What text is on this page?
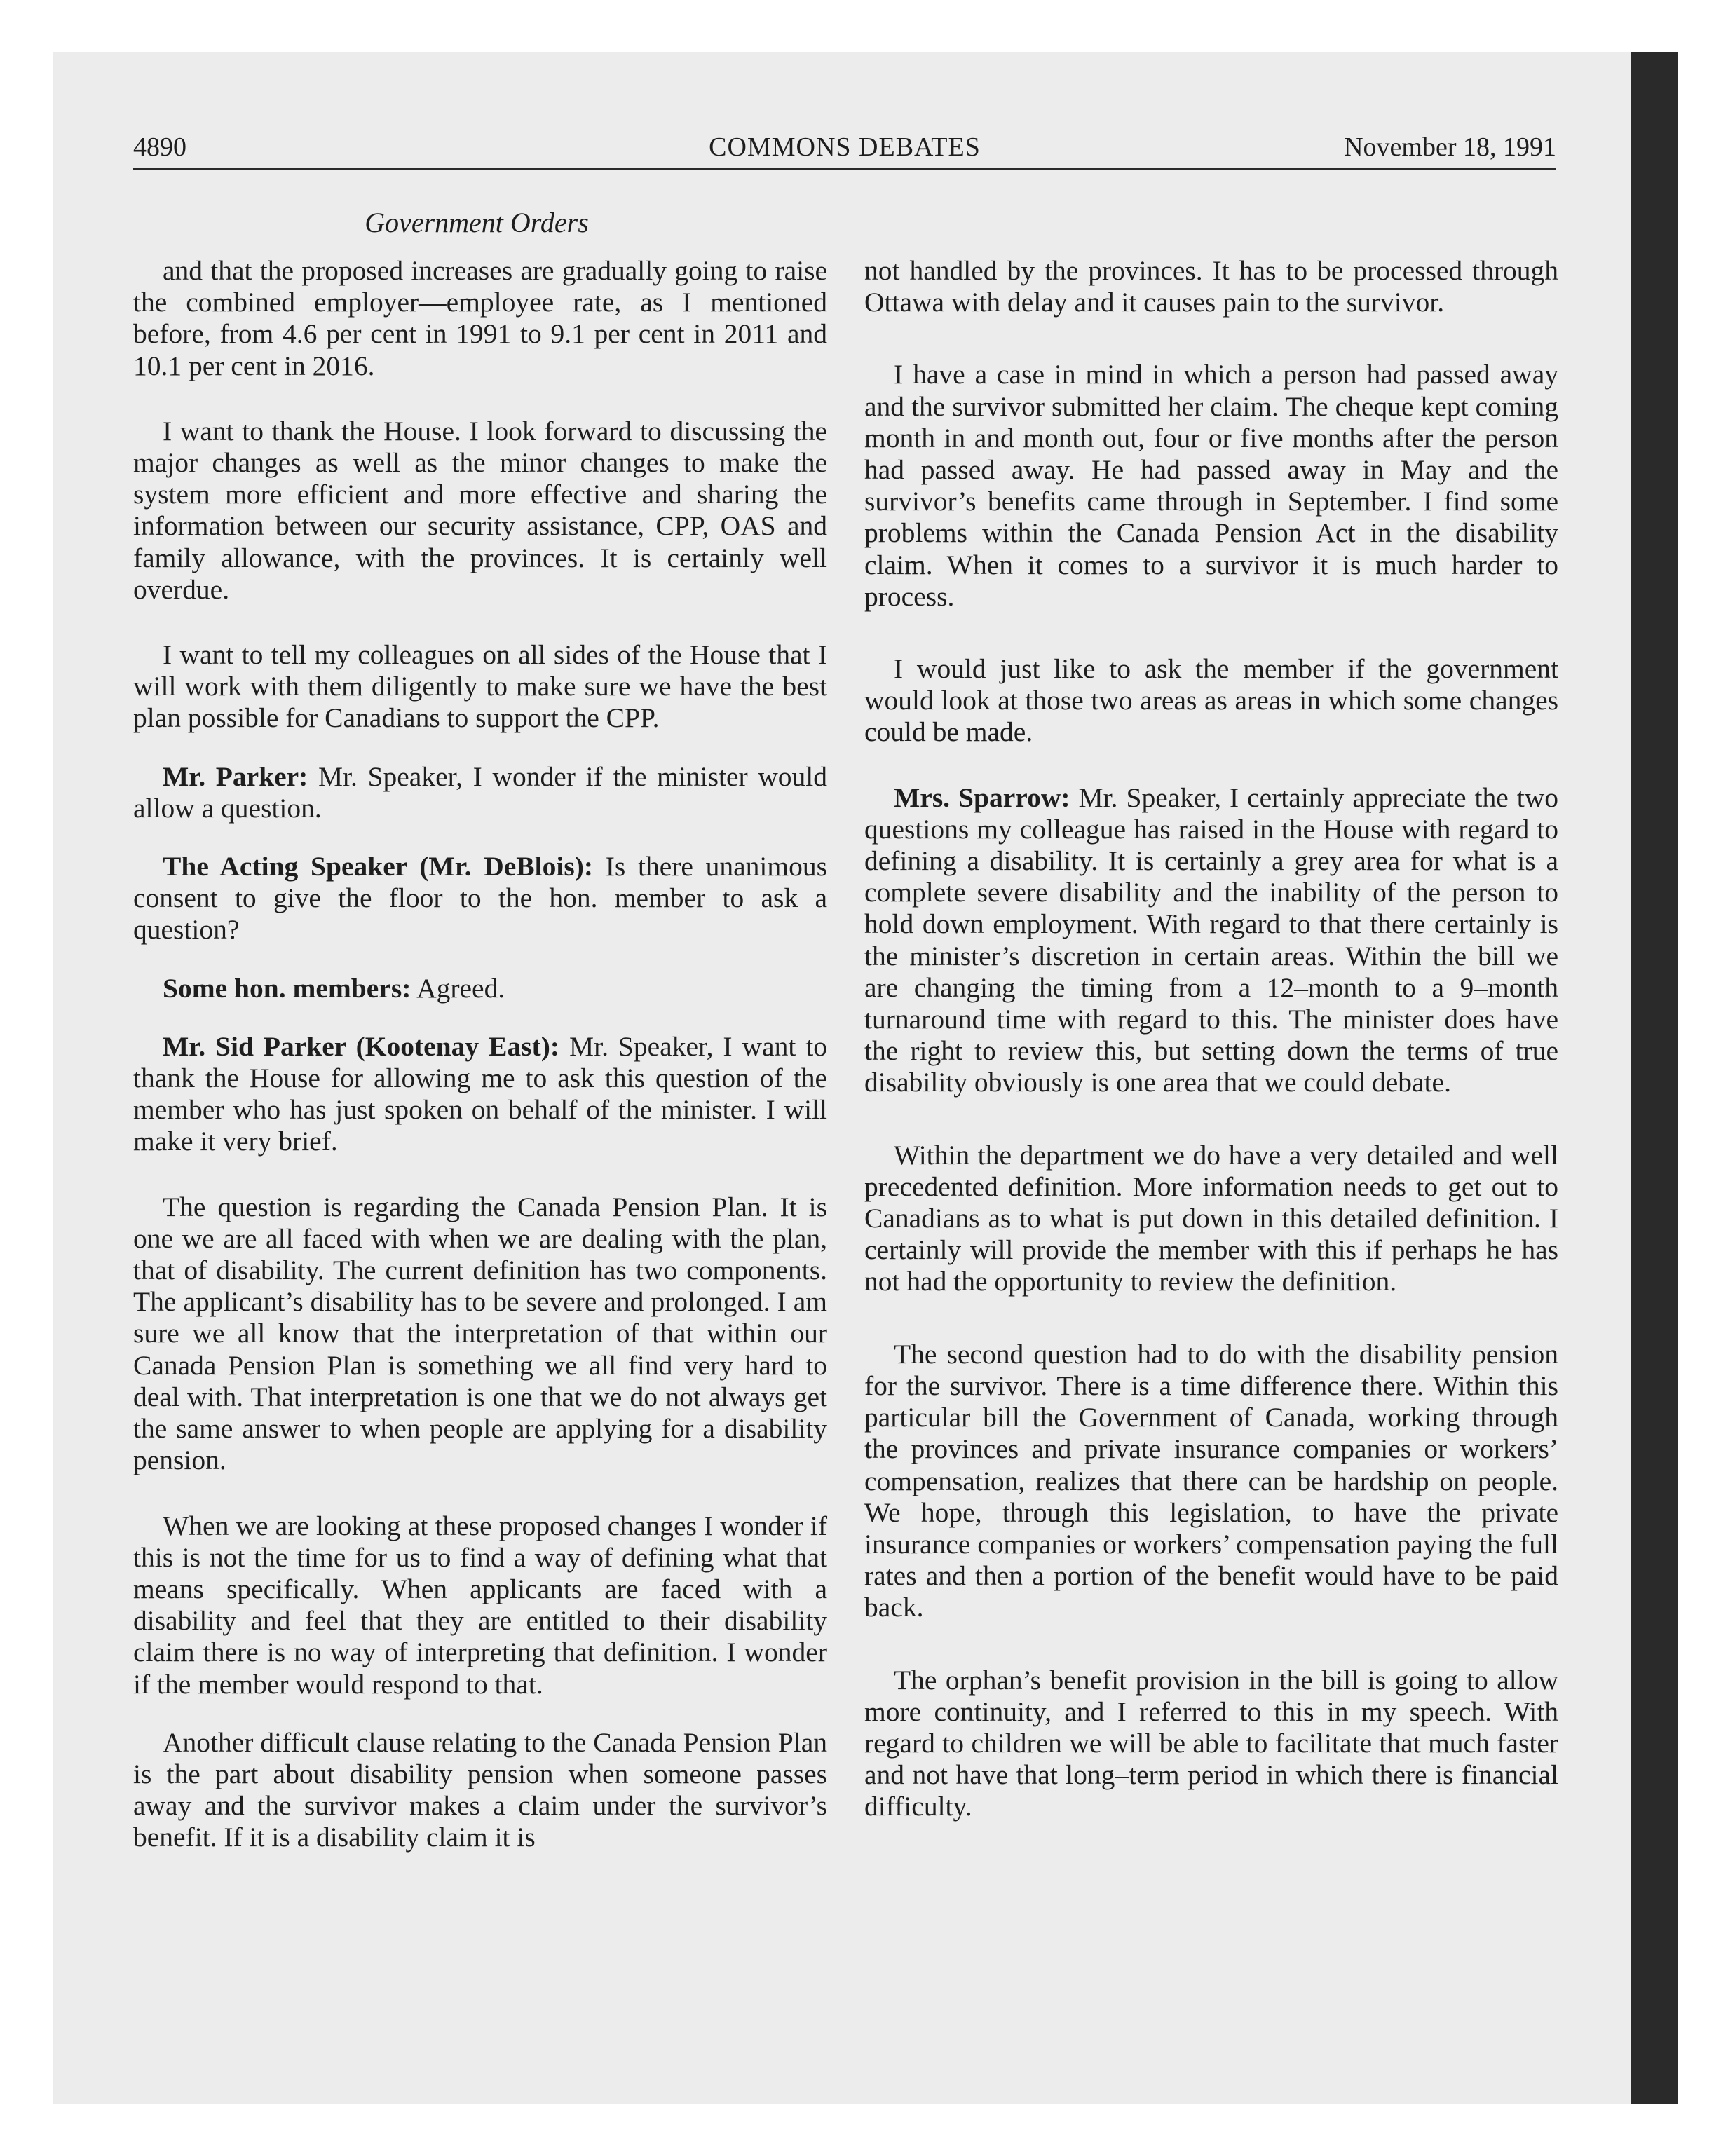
4890	COMMONS DEBATES	November 18, 1991
Government Orders

and that the proposed increases are gradually going to raise the combined employer—employee rate, as I mentioned before, from 4.6 per cent in 1991 to 9.1 per cent in 2011 and 10.1 per cent in 2016.

I want to thank the House. I look forward to discussing the major changes as well as the minor changes to make the system more efficient and more effective and sharing the information between our security assistance, CPP, OAS and family allowance, with the provinces. It is certainly well overdue.

I want to tell my colleagues on all sides of the House that I will work with them diligently to make sure we have the best plan possible for Canadians to support the CPP.

Mr. Parker: Mr. Speaker, I wonder if the minister would allow a question.

The Acting Speaker (Mr. DeBlois): Is there unanimous consent to give the floor to the hon. member to ask a question?

Some hon. members: Agreed.

Mr. Sid Parker (Kootenay East): Mr. Speaker, I want to thank the House for allowing me to ask this question of the member who has just spoken on behalf of the minister. I will make it very brief.

The question is regarding the Canada Pension Plan. It is one we are all faced with when we are dealing with the plan, that of disability. The current definition has two components. The applicant’s disability has to be severe and prolonged. I am sure we all know that the interpretation of that within our Canada Pension Plan is something we all find very hard to deal with. That interpretation is one that we do not always get the same answer to when people are applying for a disability pension.

When we are looking at these proposed changes I wonder if this is not the time for us to find a way of defining what that means specifically. When applicants are faced with a disability and feel that they are entitled to their disability claim there is no way of interpreting that definition. I wonder if the member would respond to that.

Another difficult clause relating to the Canada Pension Plan is the part about disability pension when someone passes away and the survivor makes a claim under the survivor’s benefit. If it is a disability claim it is

not handled by the provinces. It has to be processed through Ottawa with delay and it causes pain to the survivor.

I have a case in mind in which a person had passed away and the survivor submitted her claim. The cheque kept coming month in and month out, four or five months after the person had passed away. He had passed away in May and the survivor’s benefits came through in September. I find some problems within the Canada Pension Act in the disability claim. When it comes to a survivor it is much harder to process.

I would just like to ask the member if the government would look at those two areas as areas in which some changes could be made.

Mrs. Sparrow: Mr. Speaker, I certainly appreciate the two questions my colleague has raised in the House with regard to defining a disability. It is certainly a grey area for what is a complete severe disability and the inability of the person to hold down employment. With regard to that there certainly is the minister’s discretion in certain areas. Within the bill we are changing the timing from a 12–month to a 9–month turnaround time with regard to this. The minister does have the right to review this, but setting down the terms of true disability obviously is one area that we could debate.

Within the department we do have a very detailed and well precedented definition. More information needs to get out to Canadians as to what is put down in this detailed definition. I certainly will provide the member with this if perhaps he has not had the opportunity to review the definition.

The second question had to do with the disability pension for the survivor. There is a time difference there. Within this particular bill the Government of Canada, working through the provinces and private insurance companies or workers’ compensation, realizes that there can be hardship on people. We hope, through this legislation, to have the private insurance companies or workers’ compensation paying the full rates and then a portion of the benefit would have to be paid back.

The orphan’s benefit provision in the bill is going to allow more continuity, and I referred to this in my speech. With regard to children we will be able to facilitate that much faster and not have that long–term period in which there is financial difficulty.
